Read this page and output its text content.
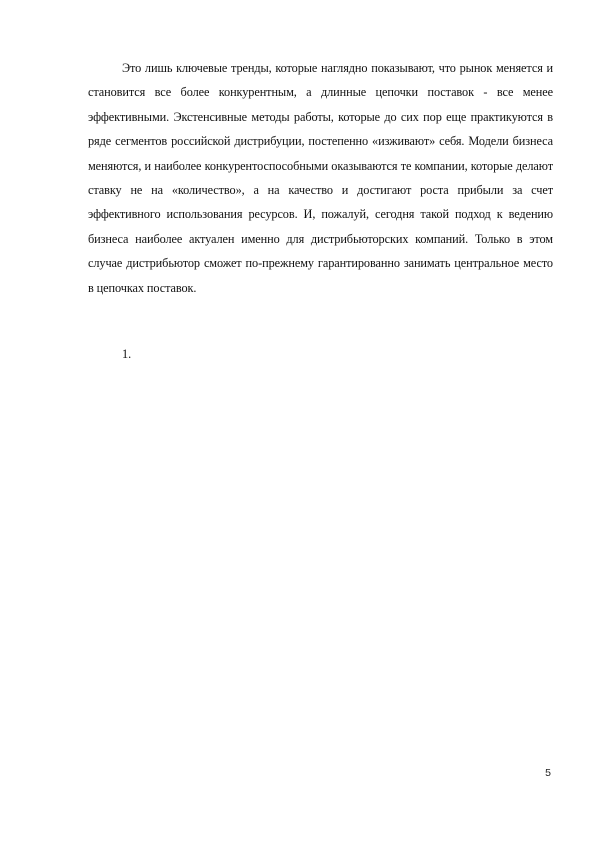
Это лишь ключевые тренды, которые наглядно показывают, что рынок меняется и становится все более конкурентным, а длинные цепочки поставок - все менее эффективными. Экстенсивные методы работы, которые до сих пор еще практикуются в ряде сегментов российской дистрибуции, постепенно «изживают» себя. Модели бизнеса меняются, и наиболее конкурентоспособными оказываются те компании, которые делают ставку не на «количество», а на качество и достигают роста прибыли за счет эффективного использования ресурсов. И, пожалуй, сегодня такой подход к ведению бизнеса наиболее актуален именно для дистрибьюторских компаний. Только в этом случае дистрибьютор сможет по-прежнему гарантированно занимать центральное место в цепочках поставок.

1.
5
